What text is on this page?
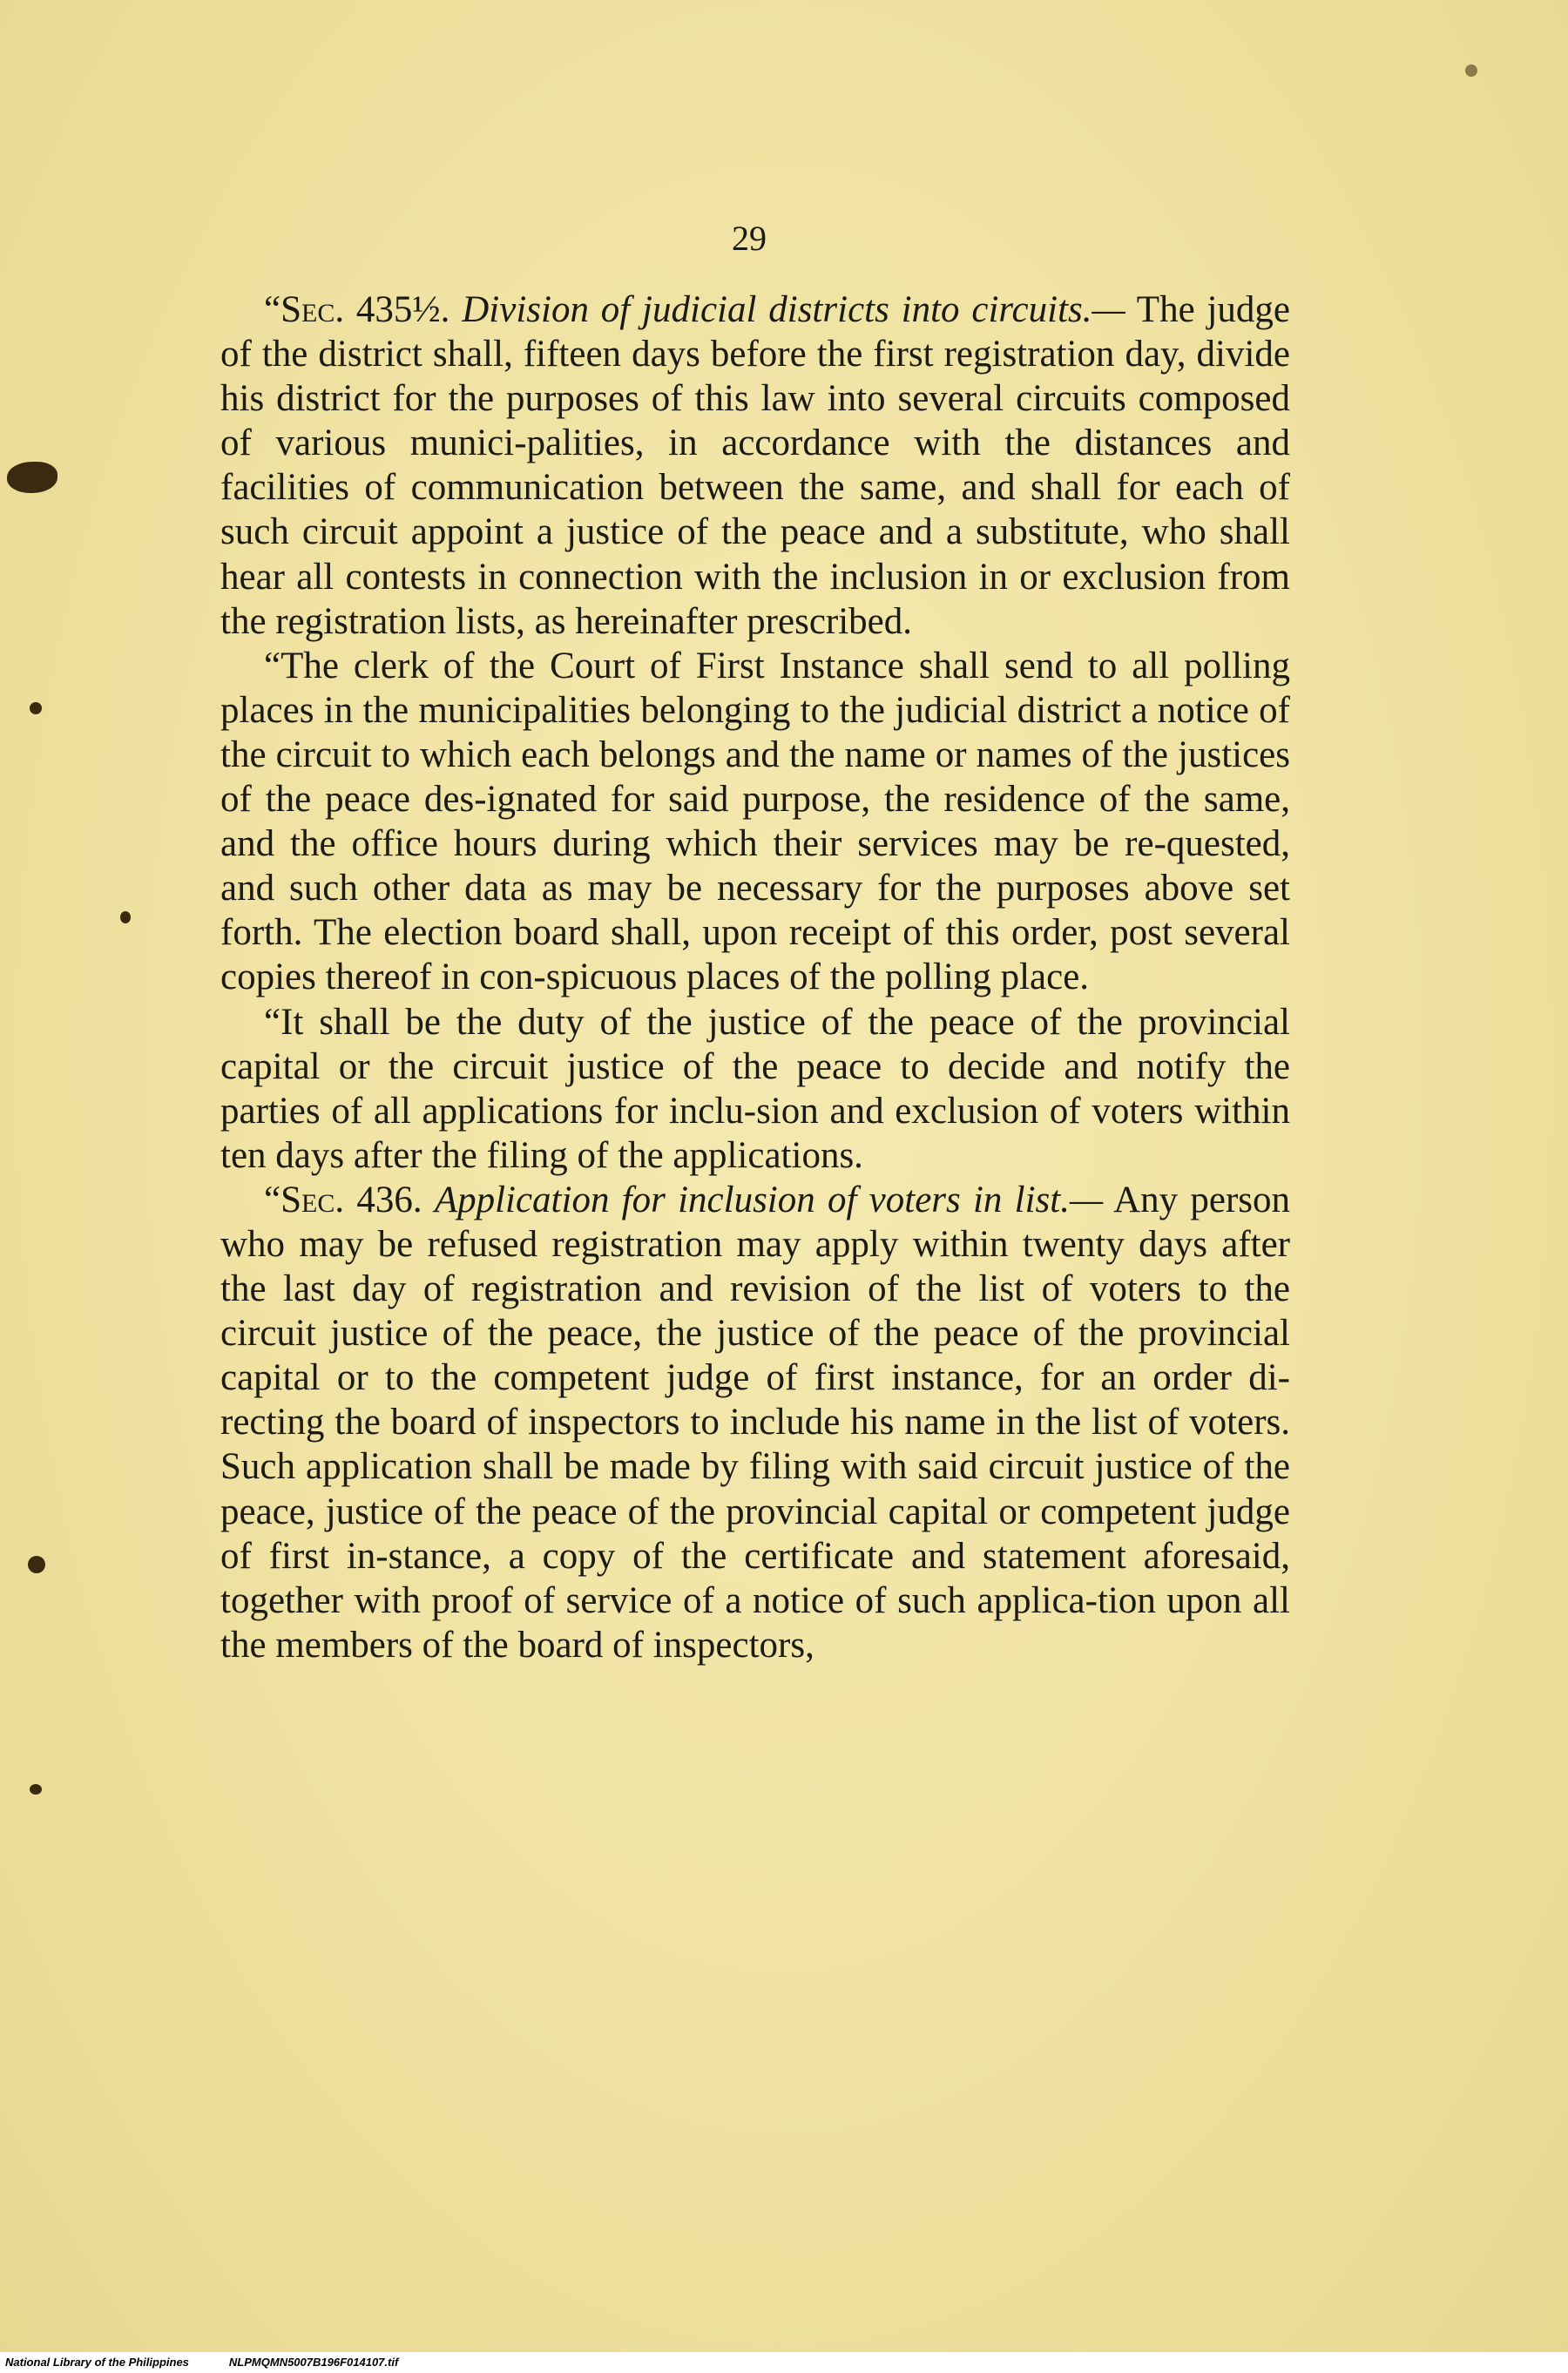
29

“Sec. 435½. Division of judicial districts into circuits.— The judge of the district shall, fifteen days before the first registration day, divide his district for the purposes of this law into several circuits composed of various munici-palities, in accordance with the distances and facilities of communication between the same, and shall for each of such circuit appoint a justice of the peace and a substitute, who shall hear all contests in connection with the inclusion in or exclusion from the registration lists, as hereinafter prescribed.

“The clerk of the Court of First Instance shall send to all polling places in the municipalities belonging to the judicial district a notice of the circuit to which each belongs and the name or names of the justices of the peace des-ignated for said purpose, the residence of the same, and the office hours during which their services may be re-quested, and such other data as may be necessary for the purposes above set forth. The election board shall, upon receipt of this order, post several copies thereof in con-spicuous places of the polling place.

“It shall be the duty of the justice of the peace of the provincial capital or the circuit justice of the peace to decide and notify the parties of all applications for inclu-sion and exclusion of voters within ten days after the filing of the applications.

“Sec. 436. Application for inclusion of voters in list.— Any person who may be refused registration may apply within twenty days after the last day of registration and revision of the list of voters to the circuit justice of the peace, the justice of the peace of the provincial capital or to the competent judge of first instance, for an order di-recting the board of inspectors to include his name in the list of voters. Such application shall be made by filing with said circuit justice of the peace, justice of the peace of the provincial capital or competent judge of first in-stance, a copy of the certificate and statement aforesaid, together with proof of service of a notice of such applica-tion upon all the members of the board of inspectors,

National Library of the Philippines	NLPMQMN5007B196F014107.tif
